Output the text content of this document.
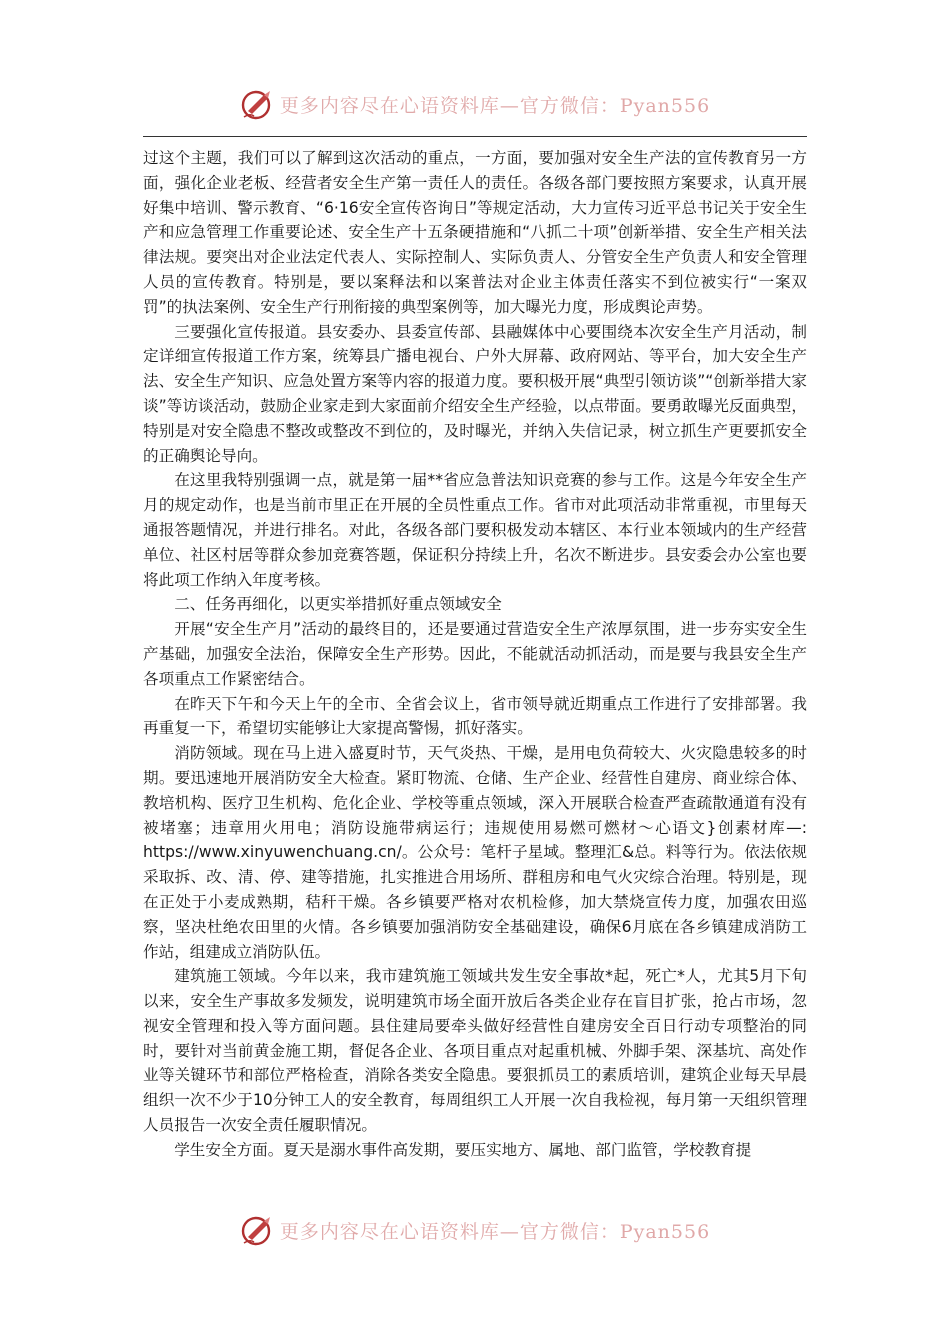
更多内容尽在心语资料库—官方微信：Pyan556

过这个主题，我们可以了解到这次活动的重点，一方面，要加强对安全生产法的宣传教育另一方面，强化企业老板、经营者安全生产第一责任人的责任。各级各部门要按照方案要求，认真开展好集中培训、警示教育、“6·16安全宣传咨询日”等规定活动，大力宣传习近平总书记关于安全生产和应急管理工作重要论述、安全生产十五条硬措施和“八抓二十项”创新举措、安全生产相关法律法规。要突出对企业法定代表人、实际控制人、实际负责人、分管安全生产负责人和安全管理人员的宣传教育。特别是，要以案释法和以案普法对企业主体责任落实不到位被实行“一案双罚”的执法案例、安全生产行刑衔接的典型案例等，加大曝光力度，形成舆论声势。

三要强化宣传报道。县安委办、县委宣传部、县融媒体中心要围绕本次安全生产月活动，制定详细宣传报道工作方案，统筹县广播电视台、户外大屏幕、政府网站、等平台，加大安全生产法、安全生产知识、应急处置方案等内容的报道力度。要积极开展“典型引领访谈”“创新举措大家谈”等访谈活动，鼓励企业家走到大家面前介绍安全生产经验，以点带面。要勇敢曝光反面典型，特别是对安全隐患不整改或整改不到位的，及时曝光，并纳入失信记录，树立抓生产更要抓安全的正确舆论导向。

在这里我特别强调一点，就是第一届**省应急普法知识竞赛的参与工作。这是今年安全生产月的规定动作，也是当前市里正在开展的全员性重点工作。省市对此项活动非常重视，市里每天通报答题情况，并进行排名。对此，各级各部门要积极发动本辖区、本行业本领域内的生产经营单位、社区村居等群众参加竞赛答题，保证积分持续上升，名次不断进步。县安委会办公室也要将此项工作纳入年度考核。

二、任务再细化，以更实举措抓好重点领域安全

开展“安全生产月”活动的最终目的，还是要通过营造安全生产浓厚氛围，进一步夯实安全生产基础，加强安全法治，保障安全生产形势。因此，不能就活动抓活动，而是要与我县安全生产各项重点工作紧密结合。

在昨天下午和今天上午的全市、全省会议上，省市领导就近期重点工作进行了安排部署。我再重复一下，希望切实能够让大家提高警惕，抓好落实。

消防领域。现在马上进入盛夏时节，天气炎热、干燥，是用电负荷较大、火灾隐患较多的时期。要迅速地开展消防安全大检查。紧盯物流、仓储、生产企业、经营性自建房、商业综合体、教培机构、医疗卫生机构、危化企业、学校等重点领域，深入开展联合检查严查疏散通道有没有被堵塞；违章用火用电；消防设施带病运行；违规使用易燃可燃材～心语文}创素材库—: https://www.xinyuwenchuang.cn/。公众号：笔杆子星域。整理汇&总。料等行为。依法依规采取拆、改、清、停、建等措施，扎实推进合用场所、群租房和电气火灾综合治理。特别是，现在正处于小麦成熟期，秸秆干燥。各乡镇要严格对农机检修，加大禁烧宣传力度，加强农田巡察，坚决杜绝农田里的火情。各乡镇要加强消防安全基础建设，确保6月底在各乡镇建成消防工作站，组建成立消防队伍。

建筑施工领域。今年以来，我市建筑施工领域共发生安全事故*起，死亡*人，尤其5月下旬以来，安全生产事故多发频发，说明建筑市场全面开放后各类企业存在盲目扩张，抢占市场，忽视安全管理和投入等方面问题。县住建局要牵头做好经营性自建房安全百日行动专项整治的同时，要针对当前黄金施工期，督促各企业、各项目重点对起重机械、外脚手架、深基坑、高处作业等关键环节和部位严格检查，消除各类安全隐患。要狠抓员工的素质培训，建筑企业每天早晨组织一次不少于10分钟工人的安全教育，每周组织工人开展一次自我检视，每月第一天组织管理人员报告一次安全责任履职情况。

学生安全方面。夏天是溺水事件高发期，要压实地方、属地、部门监管，学校教育提

更多内容尽在心语资料库—官方微信：Pyan556
